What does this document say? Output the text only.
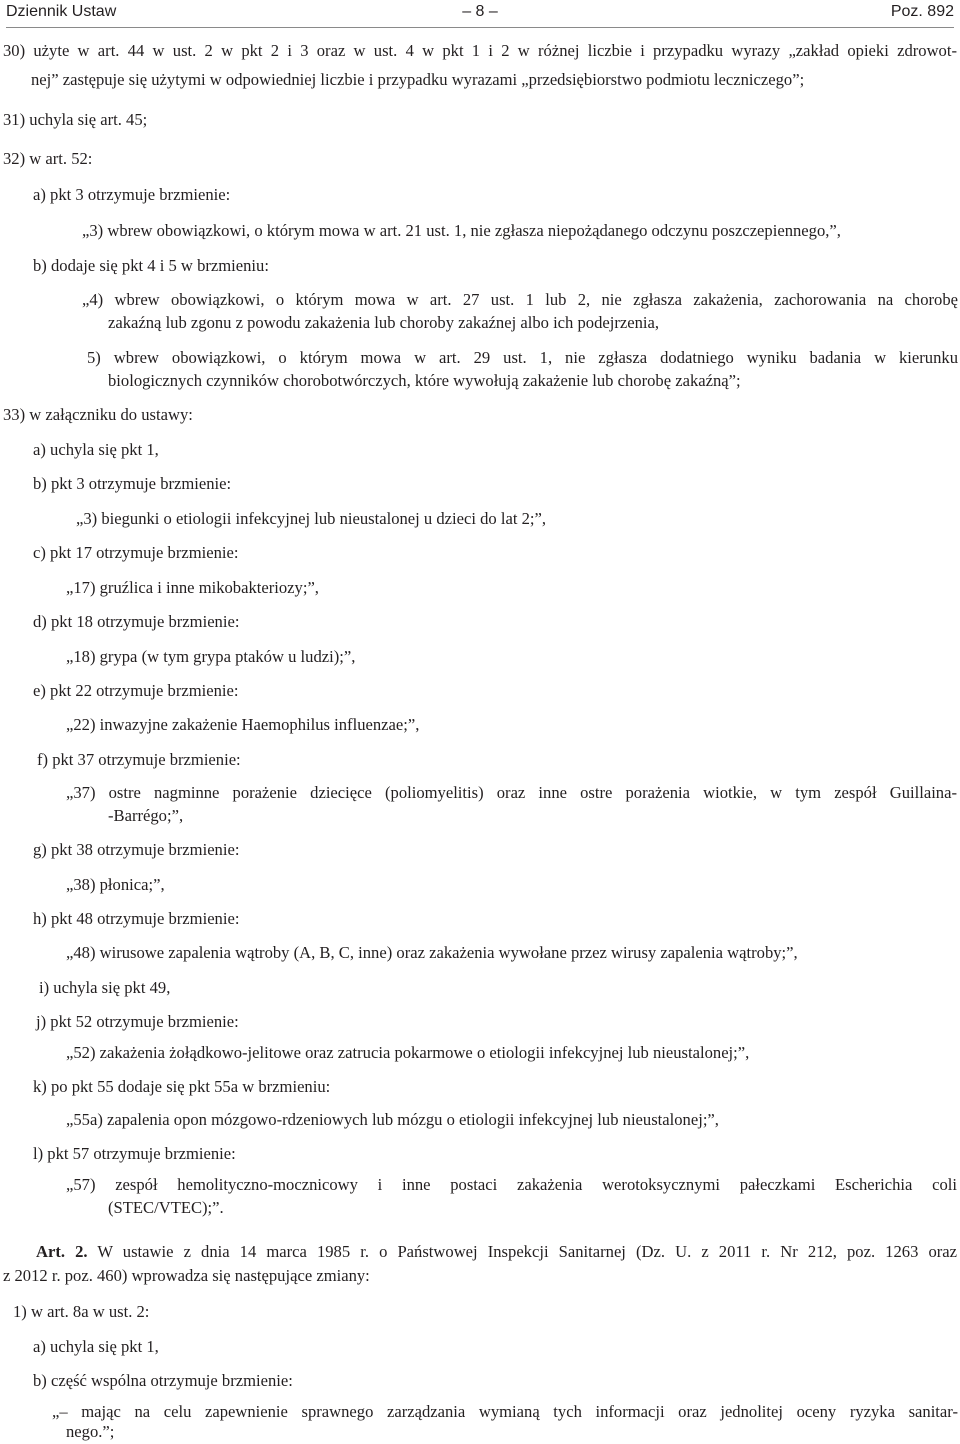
Dziennik Ustaw	– 8 –	Poz. 892
30) użyte w art. 44 w ust. 2 w pkt 2 i 3 oraz w ust. 4 w pkt 1 i 2 w różnej liczbie i przypadku wyrazy „zakład opieki zdrowot-
nej” zastępuje się użytymi w odpowiedniej liczbie i przypadku wyrazami „przedsiębiorstwo podmiotu leczniczego”;
31) uchyla się art. 45;
32) w art. 52:
a) pkt 3 otrzymuje brzmienie:
„3) wbrew obowiązkowi, o którym mowa w art. 21 ust. 1, nie zgłasza niepożądanego odczynu poszczepiennego,”,
b) dodaje się pkt 4 i 5 w brzmieniu:
„4) wbrew obowiązkowi, o którym mowa w art. 27 ust. 1 lub 2, nie zgłasza zakażenia, zachorowania na chorobę
zakaźną lub zgonu z powodu zakażenia lub choroby zakaźnej albo ich podejrzenia,
5) wbrew obowiązkowi, o którym mowa w art. 29 ust. 1, nie zgłasza dodatniego wyniku badania w kierunku
biologicznych czynników chorobotwórczych, które wywołują zakażenie lub chorobę zakaźną”;
33) w załączniku do ustawy:
a) uchyla się pkt 1,
b) pkt 3 otrzymuje brzmienie:
„3) biegunki o etiologii infekcyjnej lub nieustalonej u dzieci do lat 2;”,
c) pkt 17 otrzymuje brzmienie:
„17) gruźlica i inne mikobakteriozy;”,
d) pkt 18 otrzymuje brzmienie:
„18) grypa (w tym grypa ptaków u ludzi);”,
e) pkt 22 otrzymuje brzmienie:
„22) inwazyjne zakażenie Haemophilus influenzae;”,
f) pkt 37 otrzymuje brzmienie:
„37) ostre nagminne porażenie dziecięce (poliomyelitis) oraz inne ostre porażenia wiotkie, w tym zespół Guillaina-
-Barrégo;”,
g) pkt 38 otrzymuje brzmienie:
„38) płonica;”,
h) pkt 48 otrzymuje brzmienie:
„48) wirusowe zapalenia wątroby (A, B, C, inne) oraz zakażenia wywołane przez wirusy zapalenia wątroby;”,
i) uchyla się pkt 49,
j) pkt 52 otrzymuje brzmienie:
„52) zakażenia żołądkowo-jelitowe oraz zatrucia pokarmowe o etiologii infekcyjnej lub nieustalonej;”,
k) po pkt 55 dodaje się pkt 55a w brzmieniu:
„55a) zapalenia opon mózgowo-rdzeniowych lub mózgu o etiologii infekcyjnej lub nieustalonej;”,
l) pkt 57 otrzymuje brzmienie:
„57) zespół hemolityczno-mocznicowy i inne postaci zakażenia werotoksycznymi pałeczkami Escherichia coli
(STEC/VTEC);”.
Art. 2. W ustawie z dnia 14 marca 1985 r. o Państwowej Inspekcji Sanitarnej (Dz. U. z 2011 r. Nr 212, poz. 1263 oraz
z 2012 r. poz. 460) wprowadza się następujące zmiany:
1) w art. 8a w ust. 2:
a) uchyla się pkt 1,
b) część wspólna otrzymuje brzmienie:
„– mając na celu zapewnienie sprawnego zarządzania wymianą tych informacji oraz jednolitej oceny ryzyka sanitar-
nego.”;
